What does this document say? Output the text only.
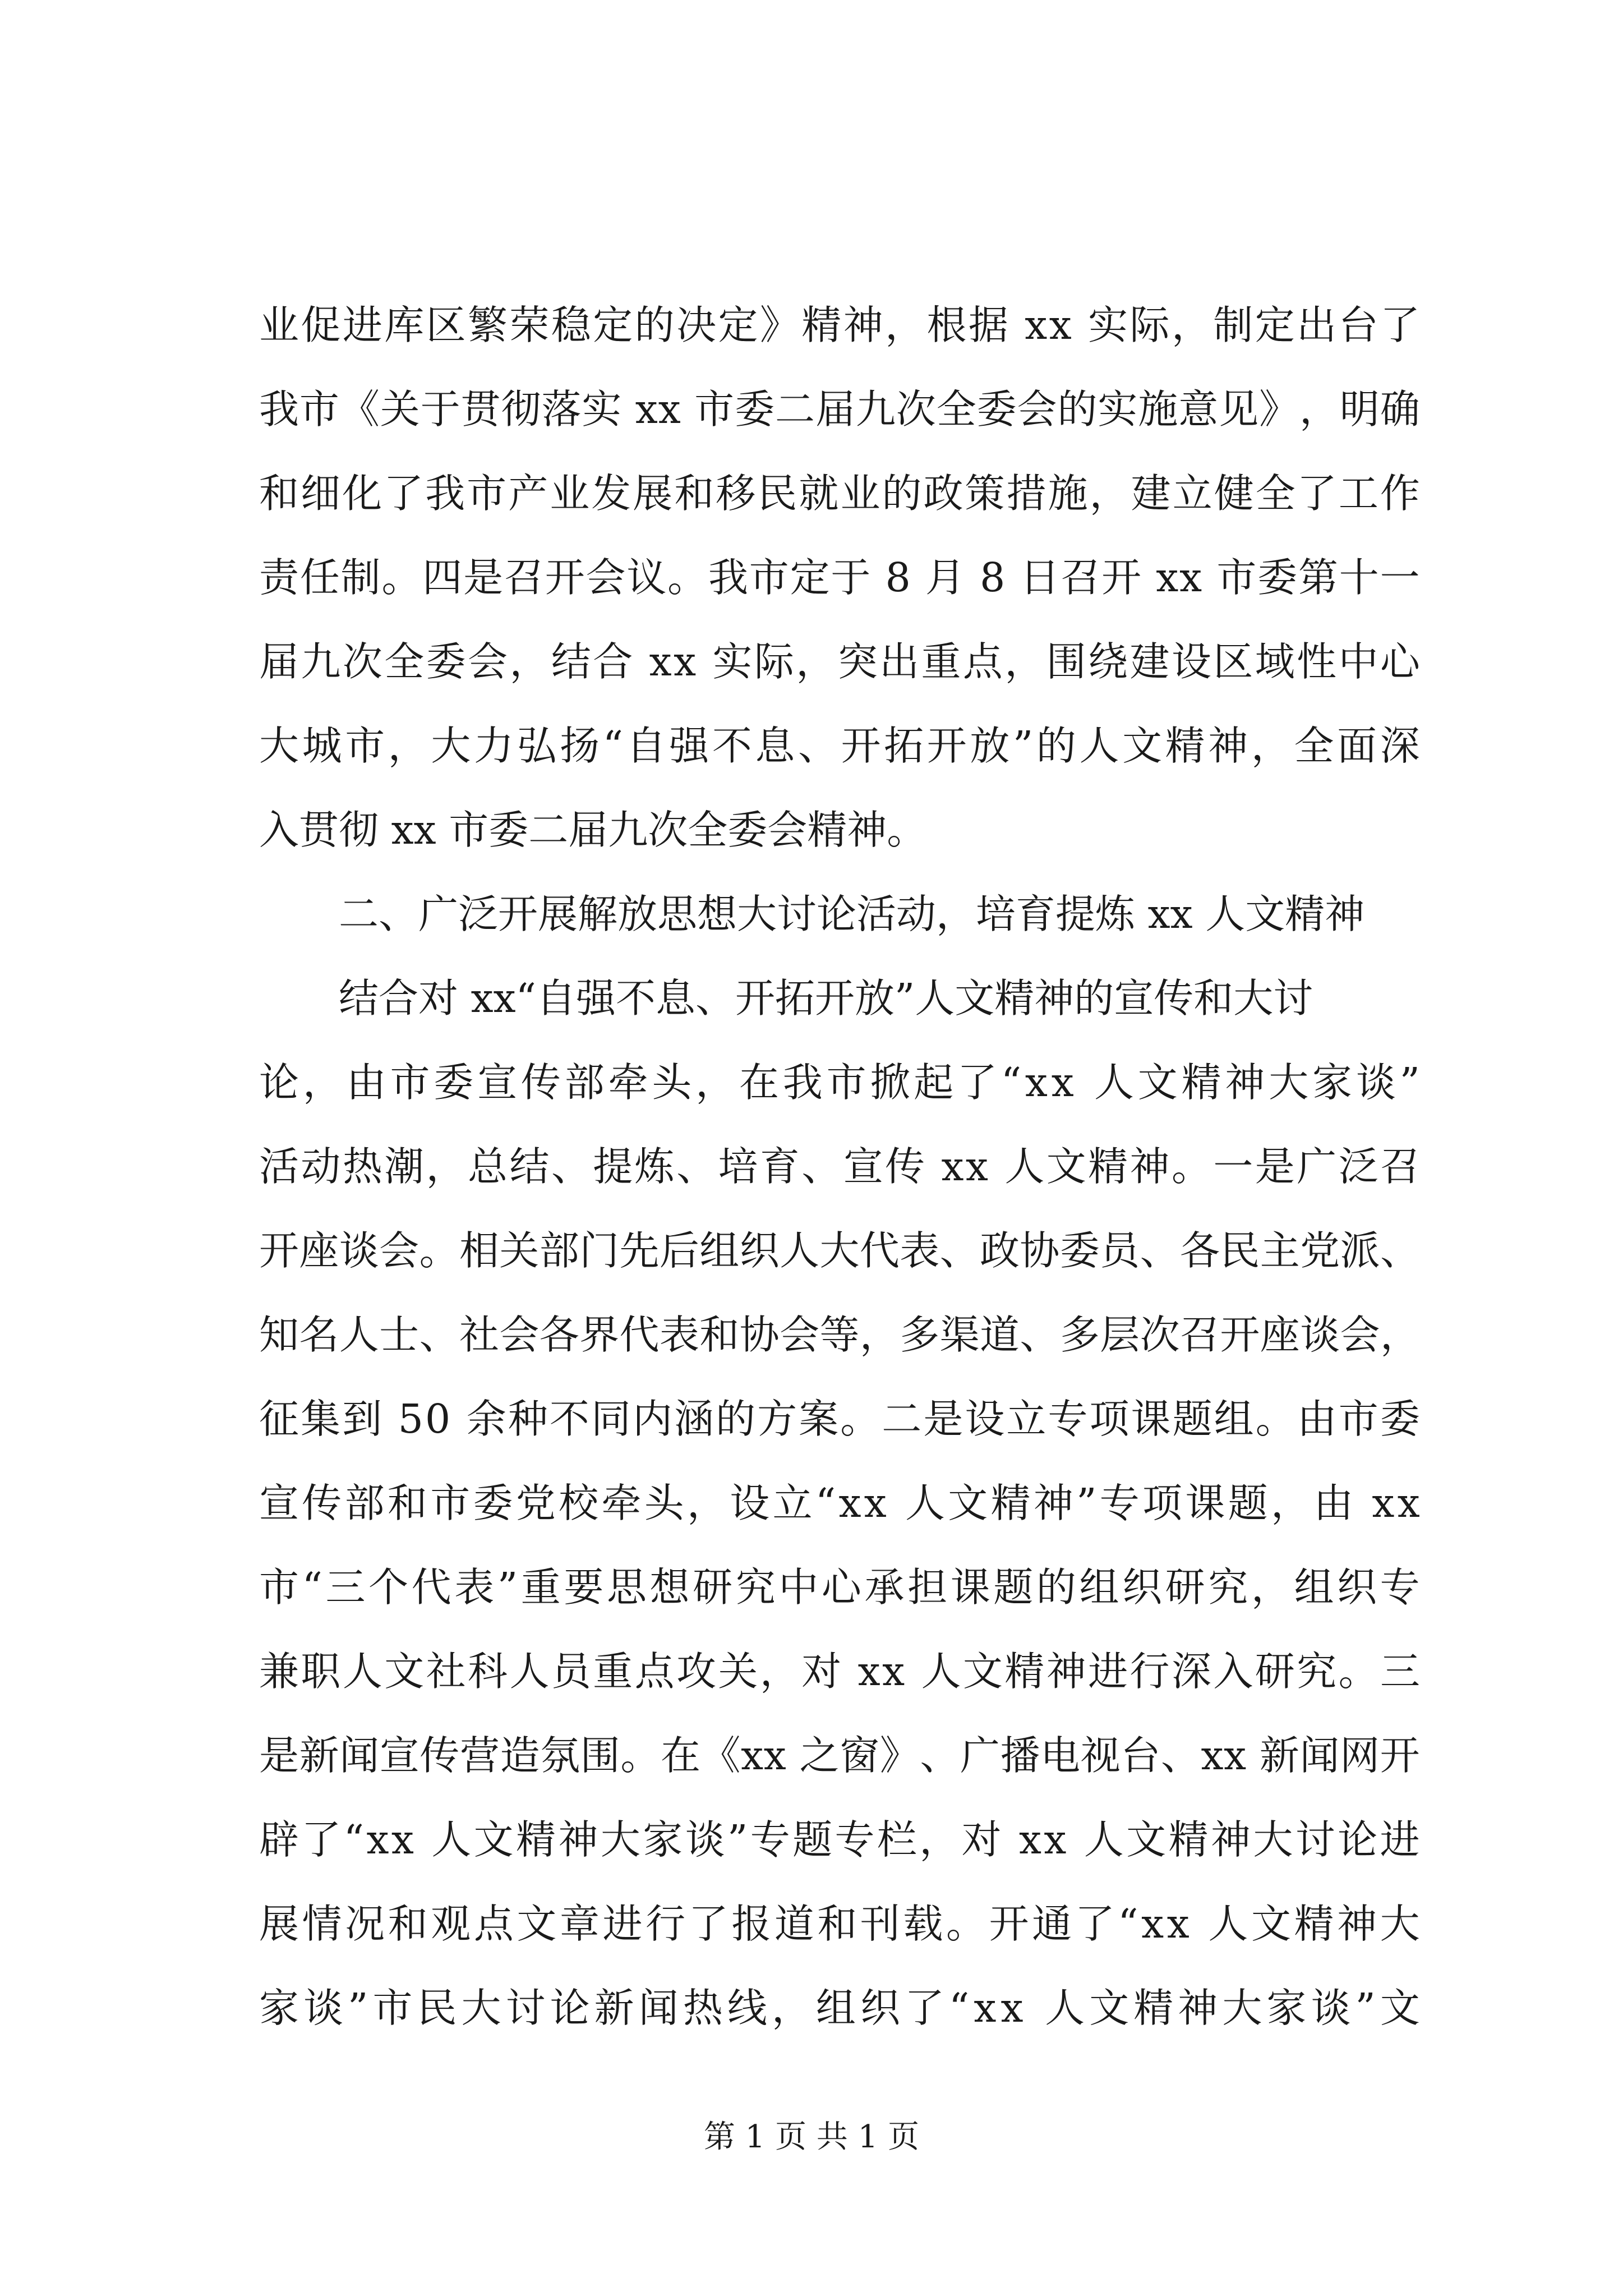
业 促 进 库 区 繁 荣 稳 定 的 决 定 》 精 神 ， 根 据
x x
实 际 ， 制 定 出 台 了
我 市 《 关 于 贯 彻 落 实
x x
市 委 二 届 九 次 全 委 会 的 实 施 意 见 》 ， 明 确
和 细 化 了 我 市 产 业 发 展 和 移 民 就 业 的 政 策 措 施 ， 建 立 健 全 了 工 作
责 任 制 。 四 是 召 开 会 议 。 我 市 定 于
8
月
8
日 召 开
x x
市 委 第 十 一
届 九 次 全 委 会 ， 结 合
x x
实 际 ， 突 出 重 点 ， 围 绕 建 设 区 域 性 中 心
大 城 市 ， 大 力 弘 扬 “ 自 强 不 息 、 开 拓 开 放 ” 的 人 文 精 神 ， 全 面 深
入贯彻 xx 市委二届九次全委会精神。
二、广泛开展解放思想大讨论活动，培育提炼 xx 人文精神
结合对 xx“自强不息、开拓开放”人文精神的宣传和大讨
论 ， 由 市 委 宣 传 部 牵 头 ， 在 我 市 掀 起 了 “ x x
人 文 精 神 大 家 谈 ”
活 动 热 潮 ， 总 结 、 提 炼 、 培 育 、 宣 传
x x
人 文 精 神 。 一 是 广 泛 召
开 座 谈 会 。 相 关 部 门 先 后 组 织 人 大 代 表 、 政 协 委 员 、 各 民 主 党 派 、
知 名 人 士 、 社 会 各 界 代 表 和 协 会 等 ， 多 渠 道 、 多 层 次 召 开 座 谈 会 ，
征 集 到
5 0
余 种 不 同 内 涵 的 方 案 。 二 是 设 立 专 项 课 题 组 。 由 市 委
宣 传 部 和 市 委 党 校 牵 头 ， 设 立 “ x x
人 文 精 神 ” 专 项 课 题 ， 由
x x
市 “ 三 个 代 表 ” 重 要 思 想 研 究 中 心 承 担 课 题 的 组 织 研 究 ， 组 织 专
兼 职 人 文 社 科 人 员 重 点 攻 关 ， 对
x x
人 文 精 神 进 行 深 入 研 究 。 三
是 新 闻 宣 传 营 造 氛 围 。 在 《 x x
之 窗 》 、 广 播 电 视 台 、 x x
新 闻 网 开
辟 了 “ x x
人 文 精 神 大 家 谈 ” 专 题 专 栏 ， 对
x x
人 文 精 神 大 讨 论 进
展 情 况 和 观 点 文 章 进 行 了 报 道 和 刊 载 。 开 通 了 “ x x
人 文 精 神 大
家 谈 ” 市 民 大 讨 论 新 闻 热 线 ， 组 织 了 “ x x
人 文 精 神 大 家 谈 ” 文
第 1 页 共 1 页
